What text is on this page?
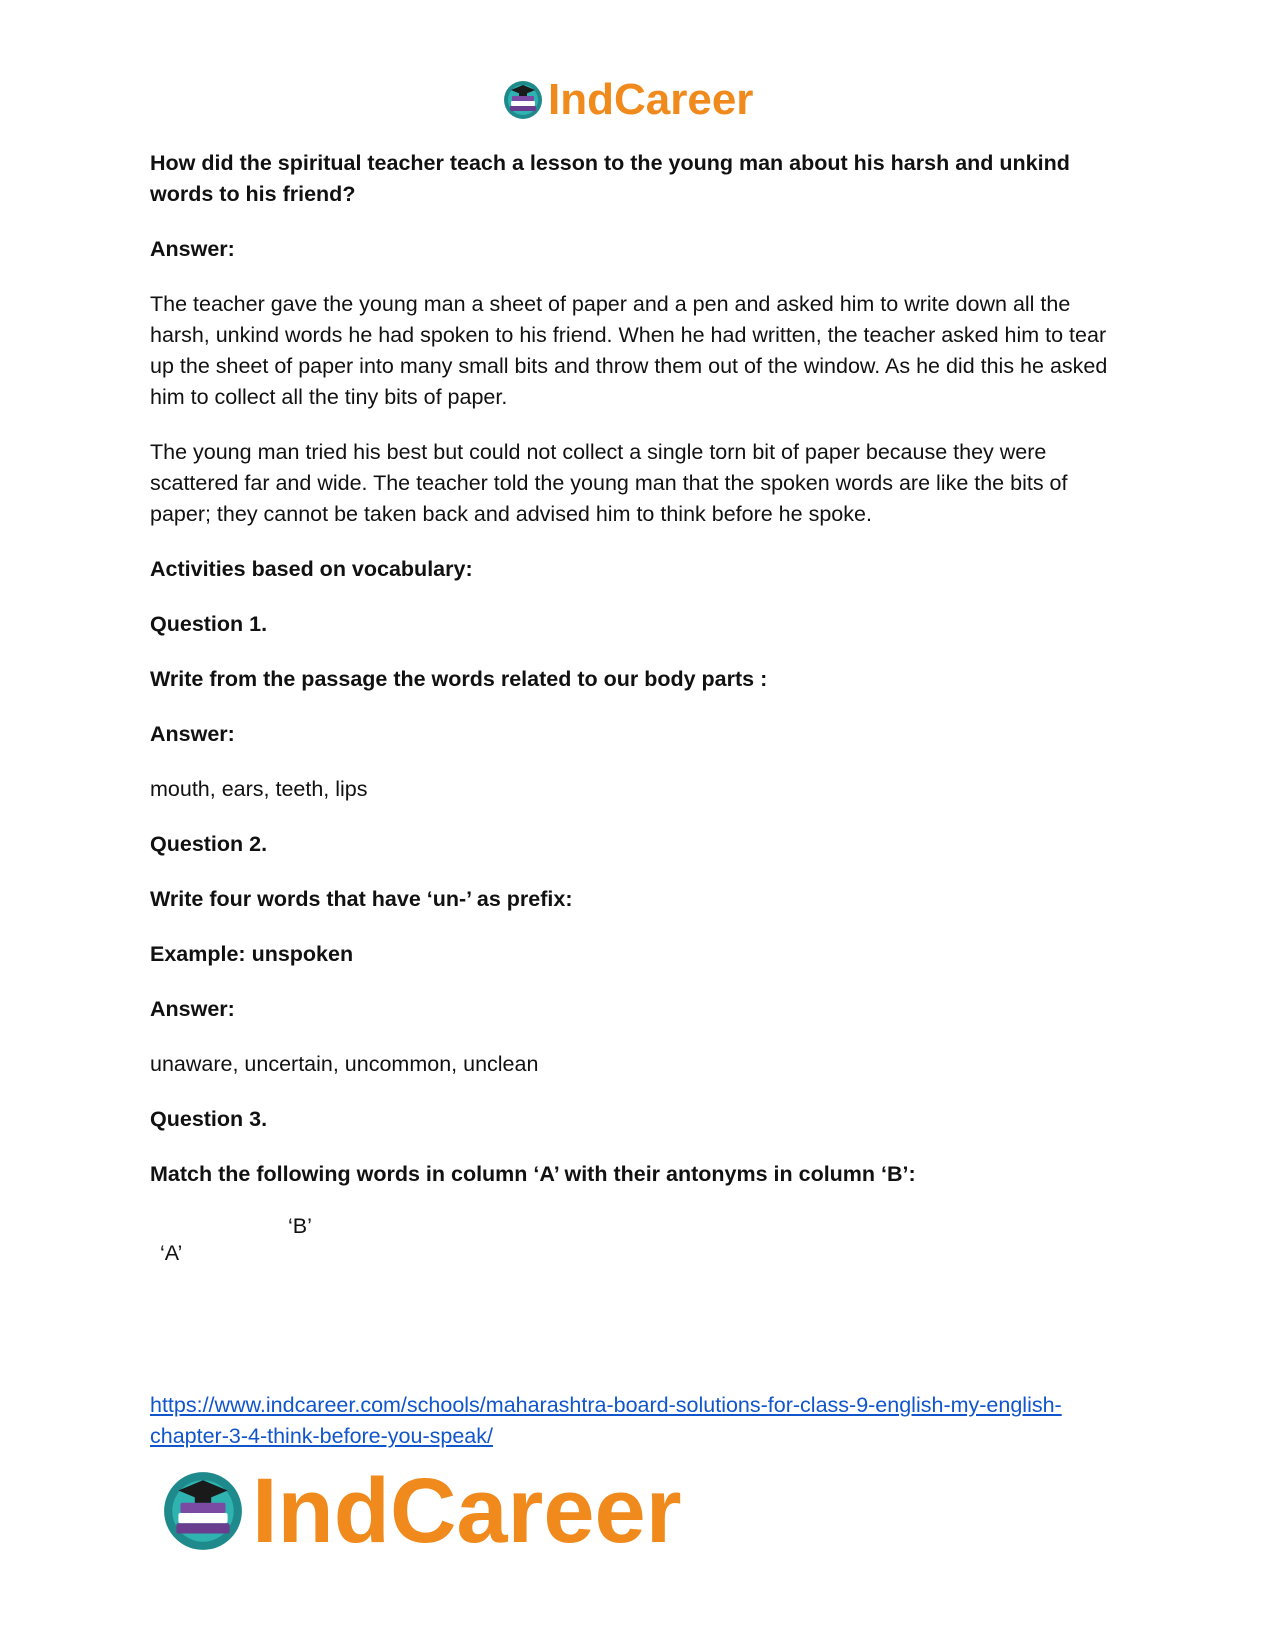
IndCareer

How did the spiritual teacher teach a lesson to the young man about his harsh and unkind words to his friend?

Answer:

The teacher gave the young man a sheet of paper and a pen and asked him to write down all the harsh, unkind words he had spoken to his friend. When he had written, the teacher asked him to tear up the sheet of paper into many small bits and throw them out of the window. As he did this he asked him to collect all the tiny bits of paper.

The young man tried his best but could not collect a single torn bit of paper because they were scattered far and wide. The teacher told the young man that the spoken words are like the bits of paper; they cannot be taken back and advised him to think before he spoke.

Activities based on vocabulary:

Question 1.

Write from the passage the words related to our body parts :

Answer:

mouth, ears, teeth, lips

Question 2.

Write four words that have ‘un-’ as prefix:

Example: unspoken

Answer:

unaware, uncertain, uncommon, unclean

Question 3.

Match the following words in column ‘A’ with their antonyms in column ‘B’:

‘B’
‘A’
https://www.indcareer.com/schools/maharashtra-board-solutions-for-class-9-english-my-english-chapter-3-4-think-before-you-speak/
IndCareer
